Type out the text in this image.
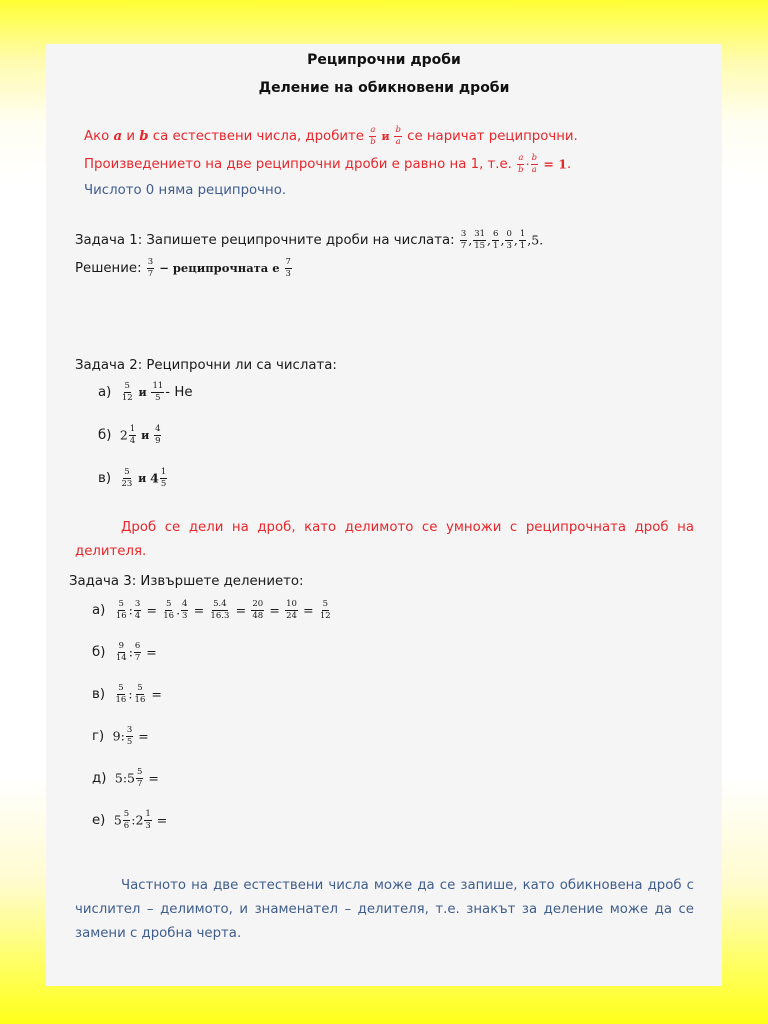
Реципрочни дроби
Деление на обикновени дроби
Ако a и b са естествени числа, дробите $\frac{a}{b}$ и $\frac{b}{a}$ се наричат реципрочни.
Произведението на две реципрочни дроби е равно на 1, т.е. $\frac{a}{b} \cdot \frac{b}{a} = 1$.
Числото 0 няма реципрочно.
Задача 1: Запишете реципрочните дроби на числата: $\frac{3}{7}$ , $\frac{31}{15}$ , $\frac{6}{1}$ , $\frac{0}{3}$ , $\frac{1}{1} ,5$.
Решение: $\frac{3}{7}$ − реципрочната е $\frac{7}{3}$
Задача 2: Реципрочни ли са числата:
$а) \frac{5}{12}$ и $\frac{11}{5}$ - Не
б) $2 \frac{1}{4}$ и $\frac{4}{9}$
$в) \frac{5}{23}$ и $4 \frac{1}{5}$
Дроб се дели на дроб, като делимото се умножи с реципрочната дроб на делителя.
Задача 3: Извършете делението:
$а) \frac{5}{16}$ : $\frac{3}{4} = \frac{5}{16}$ . $\frac{4}{3} = \frac{5.4}{16.3} = \frac{20}{48} = \frac{10}{24} = \frac{5}{12}$
$б) \frac{9}{14}$ : $\frac{6}{7}$ =
$в) \frac{5}{16}$ : $\frac{5}{16}$ =
г) 9: $\frac{3}{5}$ =
д) 5:5 $\frac{5}{7}$ =
е) $5 \frac{5}{6}$ :2 $\frac{1}{3}$ =
Частното на две естествени числа може да се запише, като обикновена дроб с числител – делимото, и знаменател – делителя, т.е. знакът за деление може да се замени с дробна черта.
